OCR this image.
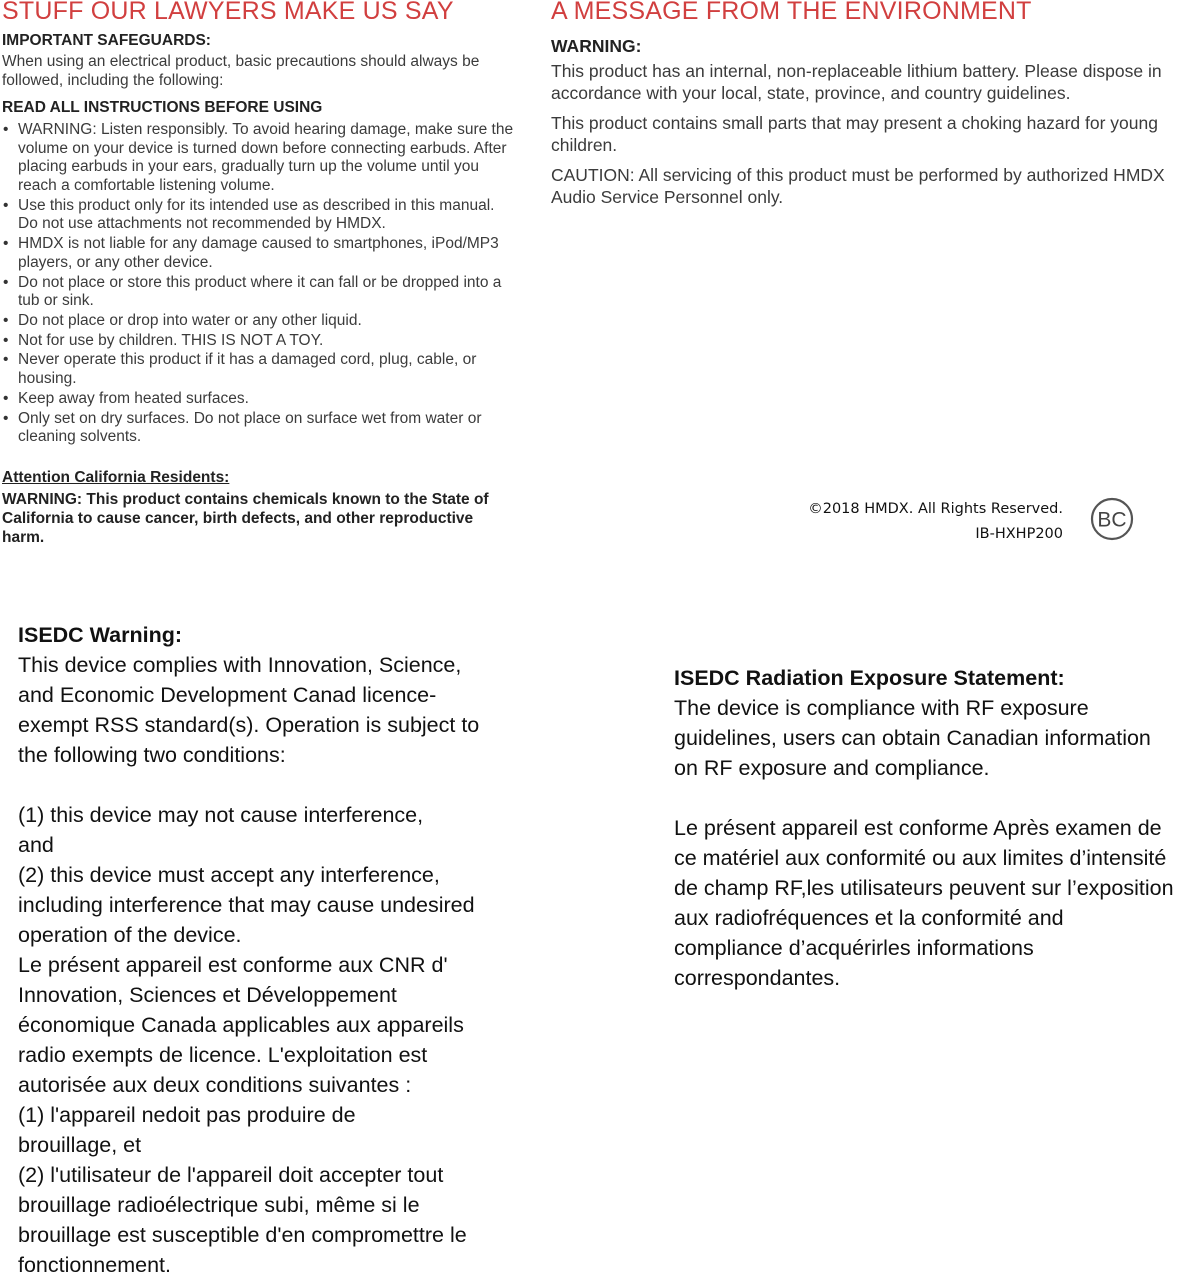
STUFF OUR LAWYERS MAKE US SAY
IMPORTANT SAFEGUARDS:
When using an electrical product, basic precautions should always be followed, including the following:
READ ALL INSTRUCTIONS BEFORE USING
• WARNING: Listen responsibly. To avoid hearing damage, make sure the volume on your device is turned down before connecting earbuds. After placing earbuds in your ears, gradually turn up the volume until you reach a comfortable listening volume.
• Use this product only for its intended use as described in this manual. Do not use attachments not recommended by HMDX.
• HMDX is not liable for any damage caused to smartphones, iPod/MP3 players, or any other device.
• Do not place or store this product where it can fall or be dropped into a tub or sink.
• Do not place or drop into water or any other liquid.
• Not for use by children. THIS IS NOT A TOY.
• Never operate this product if it has a damaged cord, plug, cable, or housing.
• Keep away from heated surfaces.
• Only set on dry surfaces. Do not place on surface wet from water or cleaning solvents.
Attention California Residents:
WARNING: This product contains chemicals known to the State of California to cause cancer, birth defects, and other reproductive harm.
A MESSAGE FROM THE ENVIRONMENT
WARNING:
This product has an internal, non-replaceable lithium battery. Please dispose in accordance with your local, state, province, and country guidelines.
This product contains small parts that may present a choking hazard for young children.
CAUTION: All servicing of this product must be performed by authorized HMDX Audio Service Personnel only.
©2018 HMDX. All Rights Reserved.
IB-HXHP200
BC
ISEDC Warning:
This device complies with Innovation, Science, and Economic Development Canad licence-exempt RSS standard(s). Operation is subject to the following two conditions:
(1) this device may not cause interference,
and
(2) this device must accept any interference, including interference that may cause undesired operation of the device.
Le présent appareil est conforme aux CNR d' Innovation, Sciences et Développement économique Canada applicables aux appareils radio exempts de licence. L'exploitation est autorisée aux deux conditions suivantes :
(1) l'appareil nedoit pas produire de
brouillage, et
(2) l'utilisateur de l'appareil doit accepter tout brouillage radioélectrique subi, même si le brouillage est susceptible d'en compromettre le fonctionnement.
ISEDC Radiation Exposure Statement:
The device is compliance with RF exposure guidelines, users can obtain Canadian information on RF exposure and compliance.
Le présent appareil est conforme Après examen de ce matériel aux conformité ou aux limites d’intensité de champ RF,les utilisateurs peuvent sur l’exposition aux radiofréquences et la conformité and compliance d’acquérirles informations correspondantes.
